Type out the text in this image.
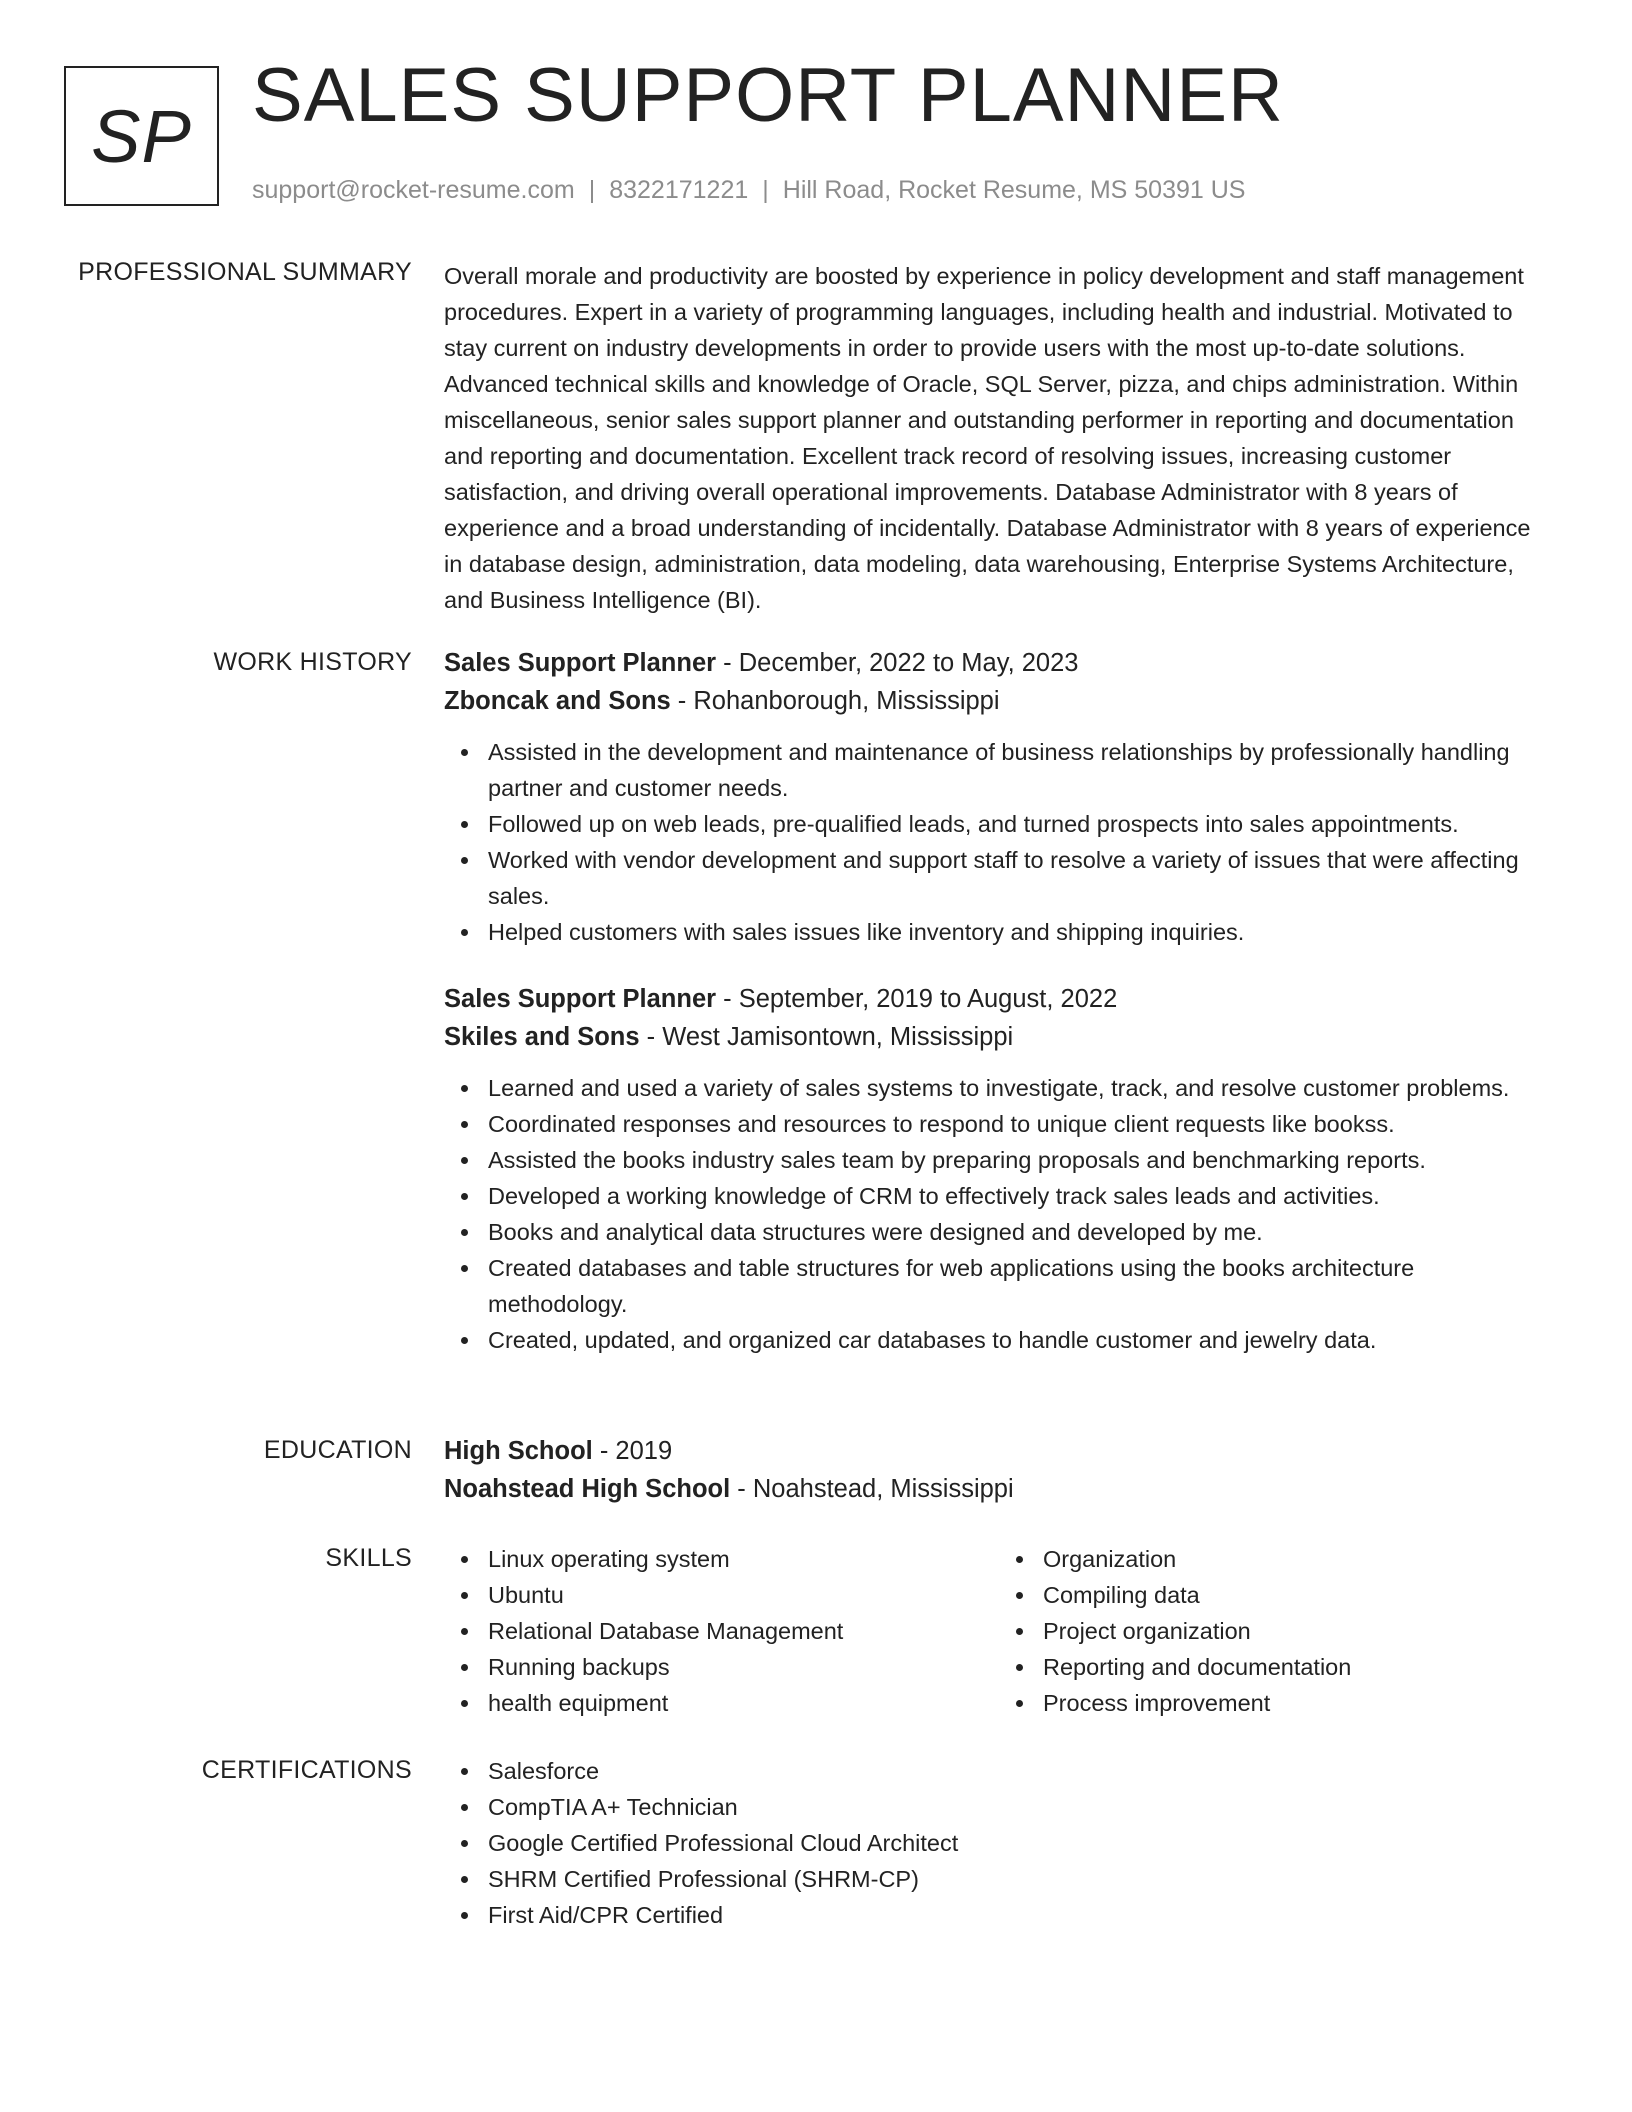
SP SALES SUPPORT PLANNER
support@rocket-resume.com | 8322171221 | Hill Road, Rocket Resume, MS 50391 US
PROFESSIONAL SUMMARY Overall morale and productivity are boosted by experience in policy development and staff management procedures. Expert in a variety of programming languages, including health and industrial. Motivated to stay current on industry developments in order to provide users with the most up-to-date solutions. Advanced technical skills and knowledge of Oracle, SQL Server, pizza, and chips administration. Within miscellaneous, senior sales support planner and outstanding performer in reporting and documentation and reporting and documentation. Excellent track record of resolving issues, increasing customer satisfaction, and driving overall operational improvements. Database Administrator with 8 years of experience and a broad understanding of incidentally. Database Administrator with 8 years of experience in database design, administration, data modeling, data warehousing, Enterprise Systems Architecture, and Business Intelligence (BI).

WORK HISTORY Sales Support Planner - December, 2022 to May, 2023
Zboncak and Sons - Rohanborough, Mississippi
Assisted in the development and maintenance of business relationships by professionally handling partner and customer needs.
Followed up on web leads, pre-qualified leads, and turned prospects into sales appointments.
Worked with vendor development and support staff to resolve a variety of issues that were affecting sales.
Helped customers with sales issues like inventory and shipping inquiries.
Sales Support Planner - September, 2019 to August, 2022
Skiles and Sons - West Jamisontown, Mississippi
Learned and used a variety of sales systems to investigate, track, and resolve customer problems.
Coordinated responses and resources to respond to unique client requests like bookss.
Assisted the books industry sales team by preparing proposals and benchmarking reports.
Developed a working knowledge of CRM to effectively track sales leads and activities.
Books and analytical data structures were designed and developed by me.
Created databases and table structures for web applications using the books architecture methodology.
Created, updated, and organized car databases to handle customer and jewelry data.
EDUCATION High School - 2019
Noahstead High School - Noahstead, Mississippi
SKILLS	Linux operating system
Ubuntu
Relational Database Management
Running backups
health equipment
Organization
Compiling data
Project organization
Reporting and documentation
Process improvement
CERTIFICATIONS	Salesforce
CompTIA A+ Technician
Google Certified Professional Cloud Architect
SHRM Certified Professional (SHRM-CP)
First Aid/CPR Certified
